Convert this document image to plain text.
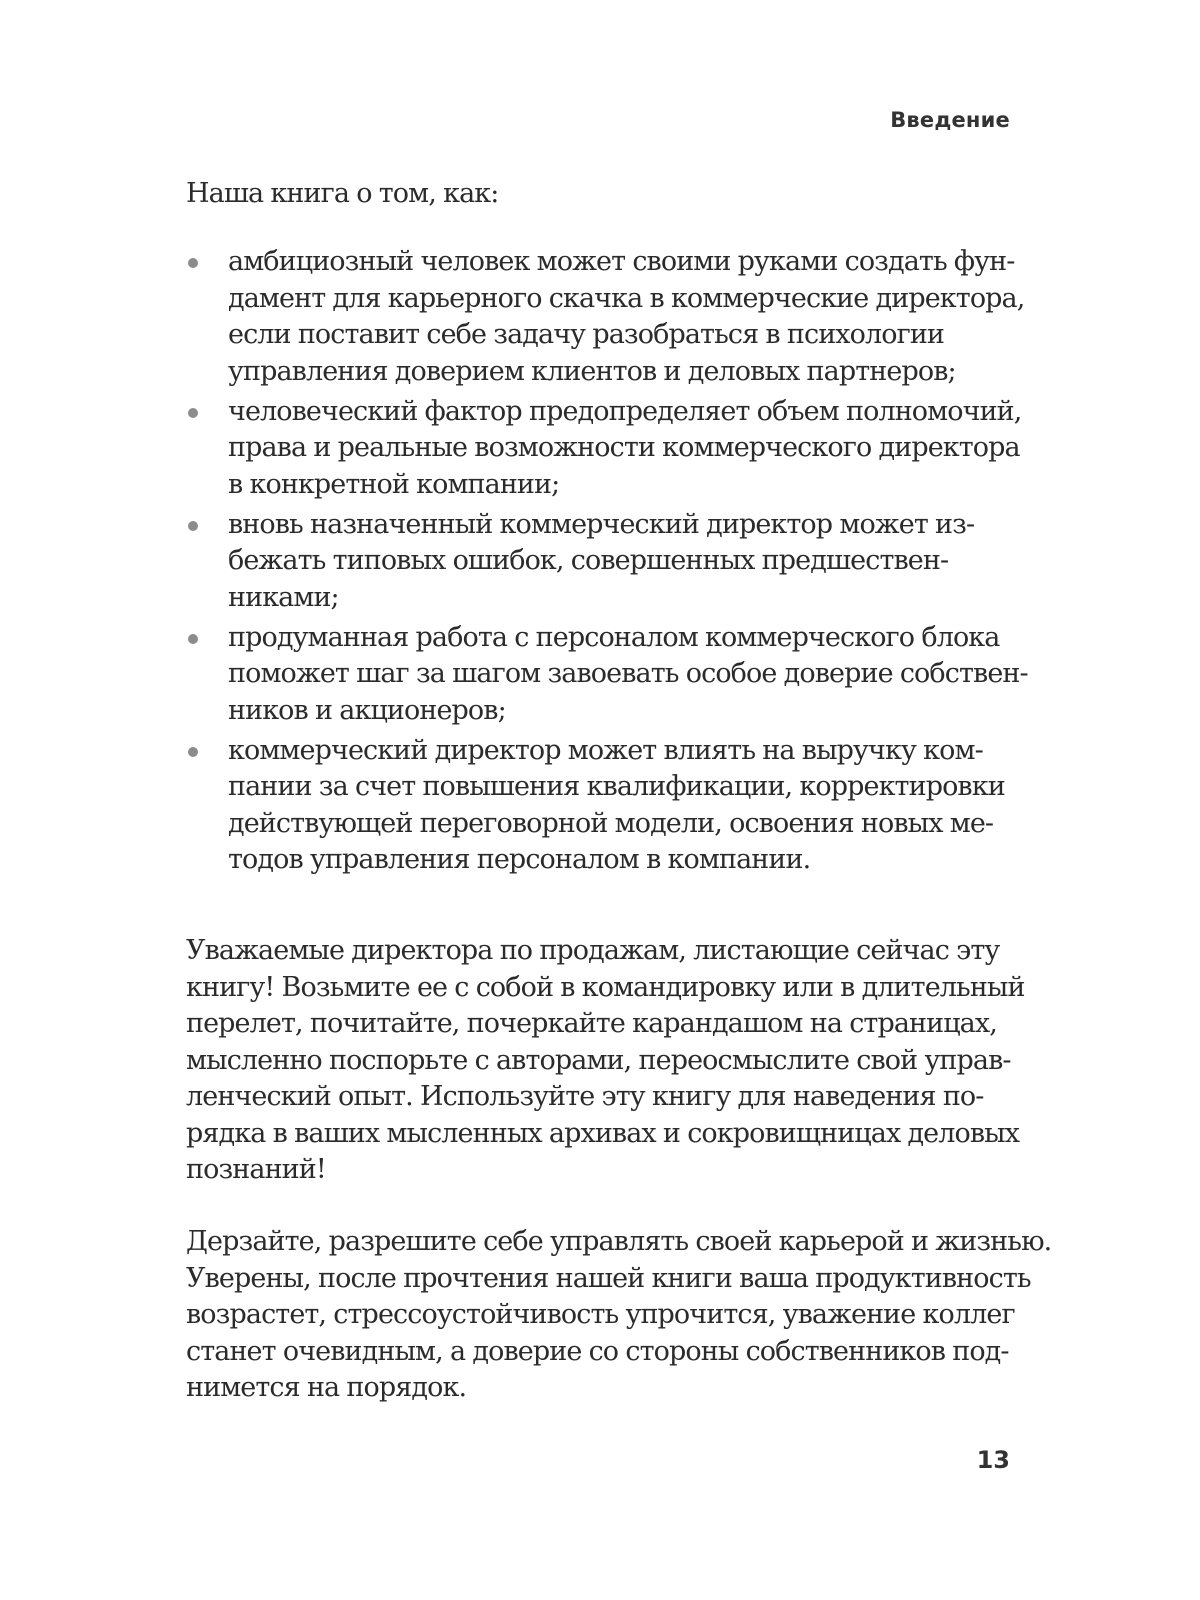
Введение
Наша книга о том, как:
амбициозный человек может своими руками создать фун-
дамент для карьерного скачка в коммерческие директора,
если поставит себе задачу разобраться в психологии
управления доверием клиентов и деловых партнеров;
человеческий фактор предопределяет объем полномочий,
права и реальные возможности коммерческого директора
в конкретной компании;
вновь назначенный коммерческий директор может из-
бежать типовых ошибок, совершенных предшествен-
никами;
продуманная работа с персоналом коммерческого блока
поможет шаг за шагом завоевать особое доверие собствен-
ников и акционеров;
коммерческий директор может влиять на выручку ком-
пании за счет повышения квалификации, корректировки
действующей переговорной модели, освоения новых ме-
тодов управления персоналом в компании.
Уважаемые директора по продажам, листающие сейчас эту
книгу! Возьмите ее с собой в командировку или в длительный
перелет, почитайте, почеркайте карандашом на страницах,
мысленно поспорьте с авторами, переосмыслите свой управ-
ленческий опыт. Используйте эту книгу для наведения по-
рядка в ваших мысленных архивах и сокровищницах деловых
познаний!
Дерзайте, разрешите себе управлять своей карьерой и жизнью.
Уверены, после прочтения нашей книги ваша продуктивность
возрастет, стрессоустойчивость упрочится, уважение коллег
станет очевидным, а доверие со стороны собственников под-
нимется на порядок.
13
